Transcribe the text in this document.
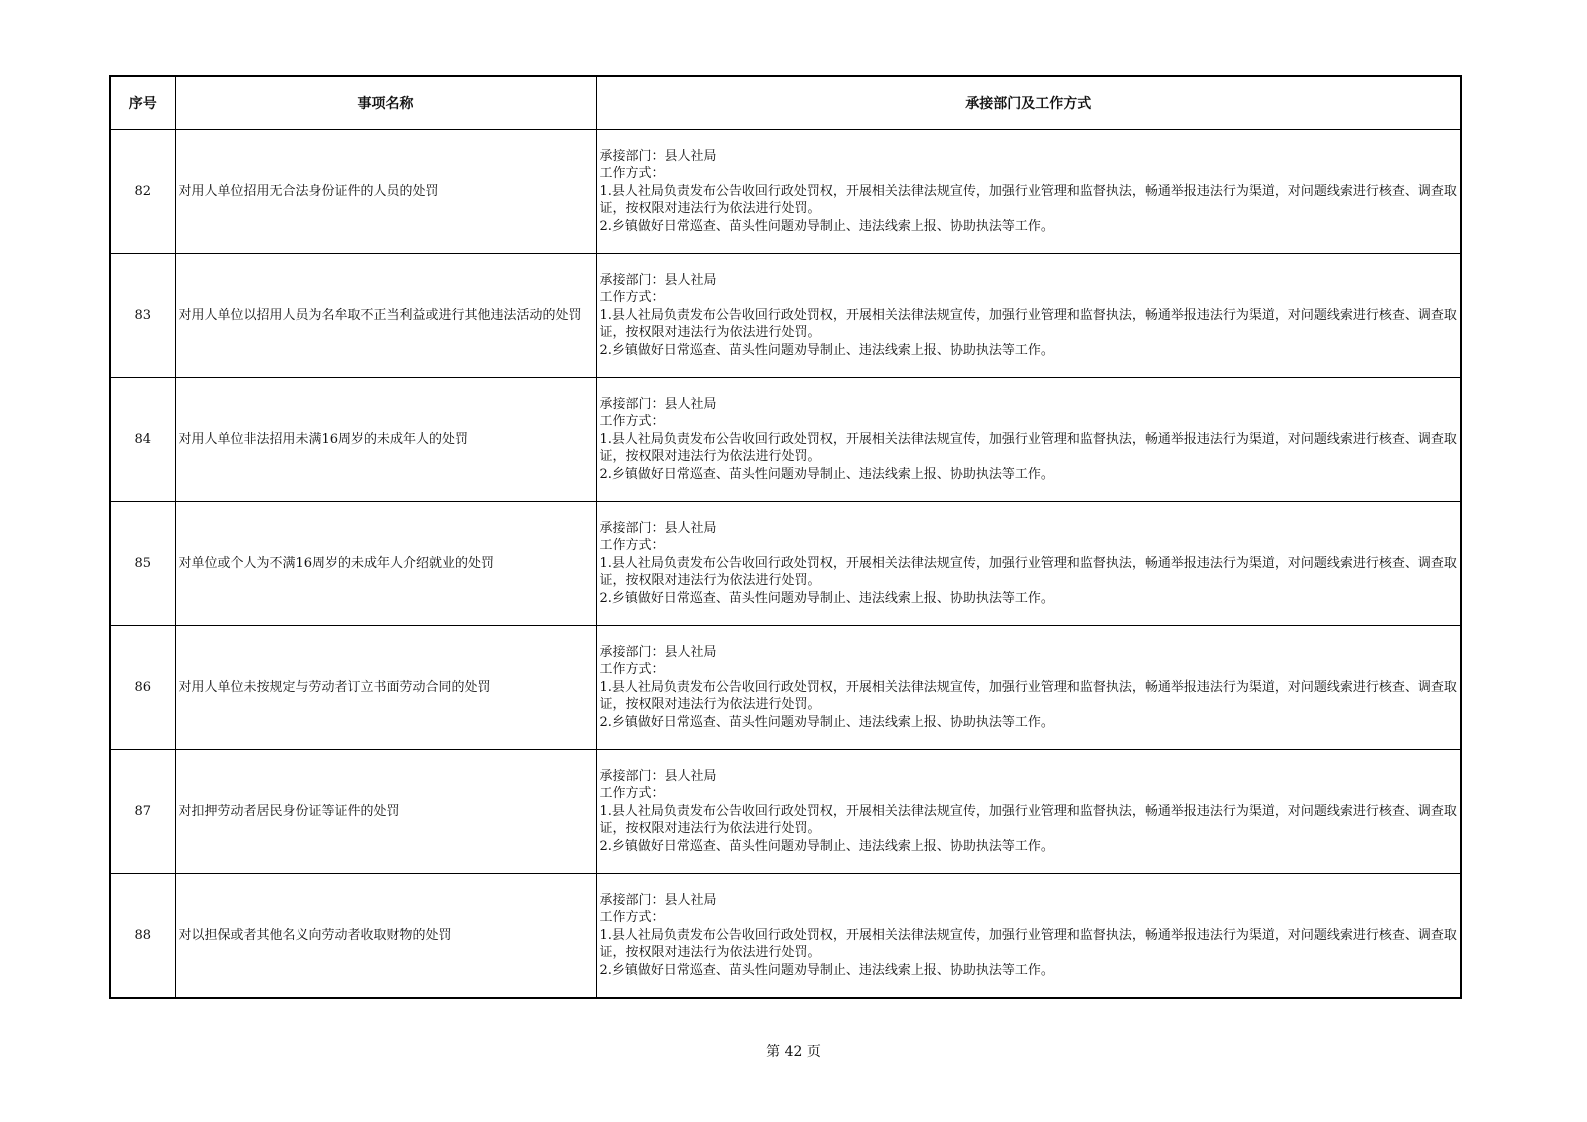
序号	事项名称	承接部门及工作方式
82	对用人单位招用无合法身份证件的人员的处罚	承接部门：县人社局
工作方式：
1.县人社局负责发布公告收回行政处罚权，开展相关法律法规宣传，加强行业管理和监督执法，畅通举报违法行为渠道，对问题线索进行核查、调查取证，按权限对违法行为依法进行处罚。
2.乡镇做好日常巡查、苗头性问题劝导制止、违法线索上报、协助执法等工作。

83	对用人单位以招用人员为名牟取不正当利益或进行其他违法活动的处罚	承接部门：县人社局
工作方式：
1.县人社局负责发布公告收回行政处罚权，开展相关法律法规宣传，加强行业管理和监督执法，畅通举报违法行为渠道，对问题线索进行核查、调查取证，按权限对违法行为依法进行处罚。
2.乡镇做好日常巡查、苗头性问题劝导制止、违法线索上报、协助执法等工作。

84	对用人单位非法招用未满16周岁的未成年人的处罚	承接部门：县人社局
工作方式：
1.县人社局负责发布公告收回行政处罚权，开展相关法律法规宣传，加强行业管理和监督执法，畅通举报违法行为渠道，对问题线索进行核查、调查取证，按权限对违法行为依法进行处罚。
2.乡镇做好日常巡查、苗头性问题劝导制止、违法线索上报、协助执法等工作。

85	对单位或个人为不满16周岁的未成年人介绍就业的处罚	承接部门：县人社局
工作方式：
1.县人社局负责发布公告收回行政处罚权，开展相关法律法规宣传，加强行业管理和监督执法，畅通举报违法行为渠道，对问题线索进行核查、调查取证，按权限对违法行为依法进行处罚。
2.乡镇做好日常巡查、苗头性问题劝导制止、违法线索上报、协助执法等工作。

86	对用人单位未按规定与劳动者订立书面劳动合同的处罚	承接部门：县人社局
工作方式：
1.县人社局负责发布公告收回行政处罚权，开展相关法律法规宣传，加强行业管理和监督执法，畅通举报违法行为渠道，对问题线索进行核查、调查取证，按权限对违法行为依法进行处罚。
2.乡镇做好日常巡查、苗头性问题劝导制止、违法线索上报、协助执法等工作。

87	对扣押劳动者居民身份证等证件的处罚	承接部门：县人社局
工作方式：
1.县人社局负责发布公告收回行政处罚权，开展相关法律法规宣传，加强行业管理和监督执法，畅通举报违法行为渠道，对问题线索进行核查、调查取证，按权限对违法行为依法进行处罚。
2.乡镇做好日常巡查、苗头性问题劝导制止、违法线索上报、协助执法等工作。

88	对以担保或者其他名义向劳动者收取财物的处罚	承接部门：县人社局
工作方式：
1.县人社局负责发布公告收回行政处罚权，开展相关法律法规宣传，加强行业管理和监督执法，畅通举报违法行为渠道，对问题线索进行核查、调查取证，按权限对违法行为依法进行处罚。
2.乡镇做好日常巡查、苗头性问题劝导制止、违法线索上报、协助执法等工作。
第 42 页
